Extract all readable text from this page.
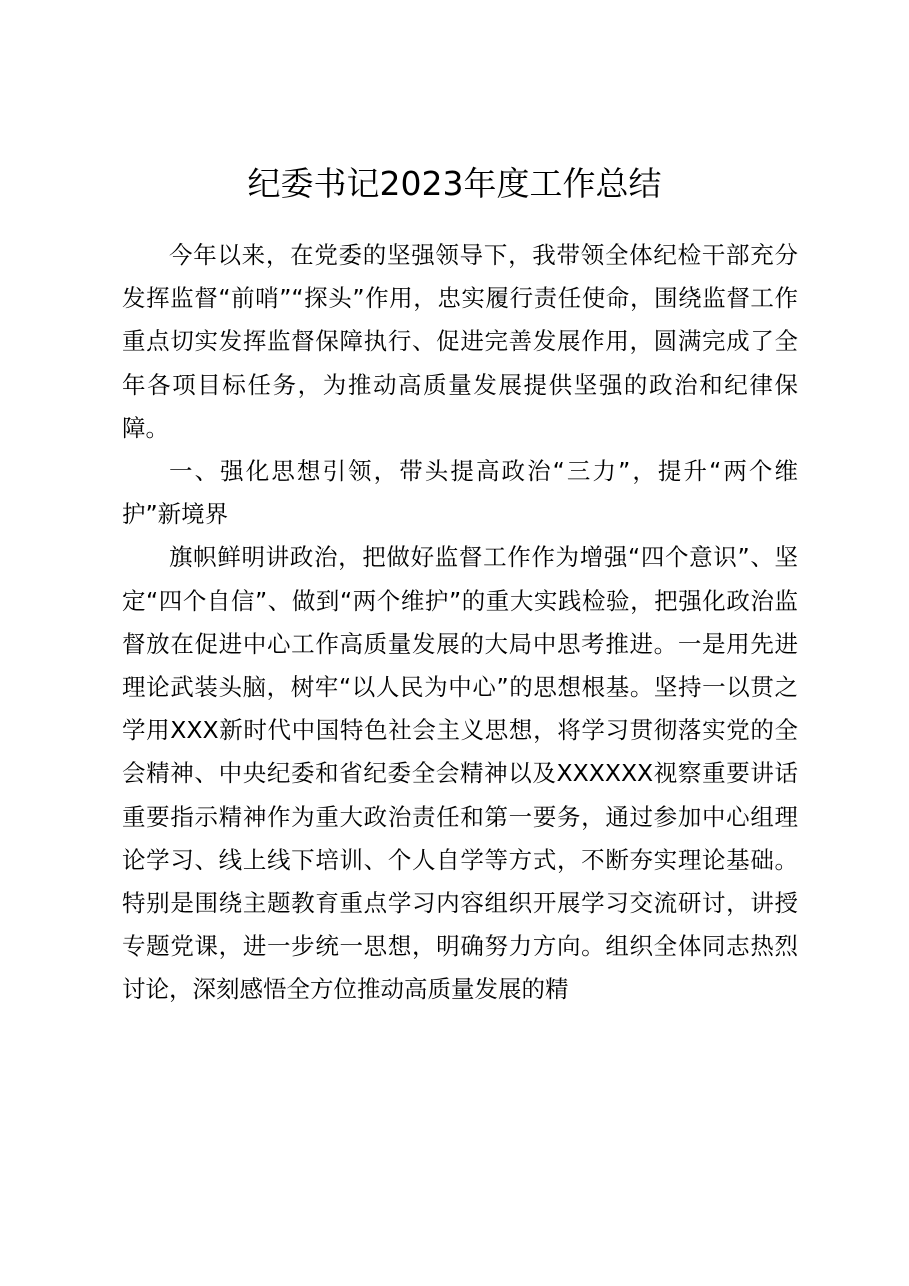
纪委书记2023年度工作总结

今年以来，在党委的坚强领导下，我带领全体纪检干部充分发挥监督“前哨”“探头”作用，忠实履行责任使命，围绕监督工作重点切实发挥监督保障执行、促进完善发展作用，圆满完成了全年各项目标任务，为推动高质量发展提供坚强的政治和纪律保障。

一、强化思想引领，带头提高政治“三力”，提升“两个维护”新境界

旗帜鲜明讲政治，把做好监督工作作为增强“四个意识”、坚定“四个自信”、做到“两个维护”的重大实践检验，把强化政治监督放在促进中心工作高质量发展的大局中思考推进。一是用先进理论武装头脑，树牢“以人民为中心”的思想根基。坚持一以贯之学用XXX新时代中国特色社会主义思想，将学习贯彻落实党的全会精神、中央纪委和省纪委全会精神以及XXXXXX视察重要讲话重要指示精神作为重大政治责任和第一要务，通过参加中心组理论学习、线上线下培训、个人自学等方式，不断夯实理论基础。特别是围绕主题教育重点学习内容组织开展学习交流研讨，讲授专题党课，进一步统一思想，明确努力方向。组织全体同志热烈讨论，深刻感悟全方位推动高质量发展的精
